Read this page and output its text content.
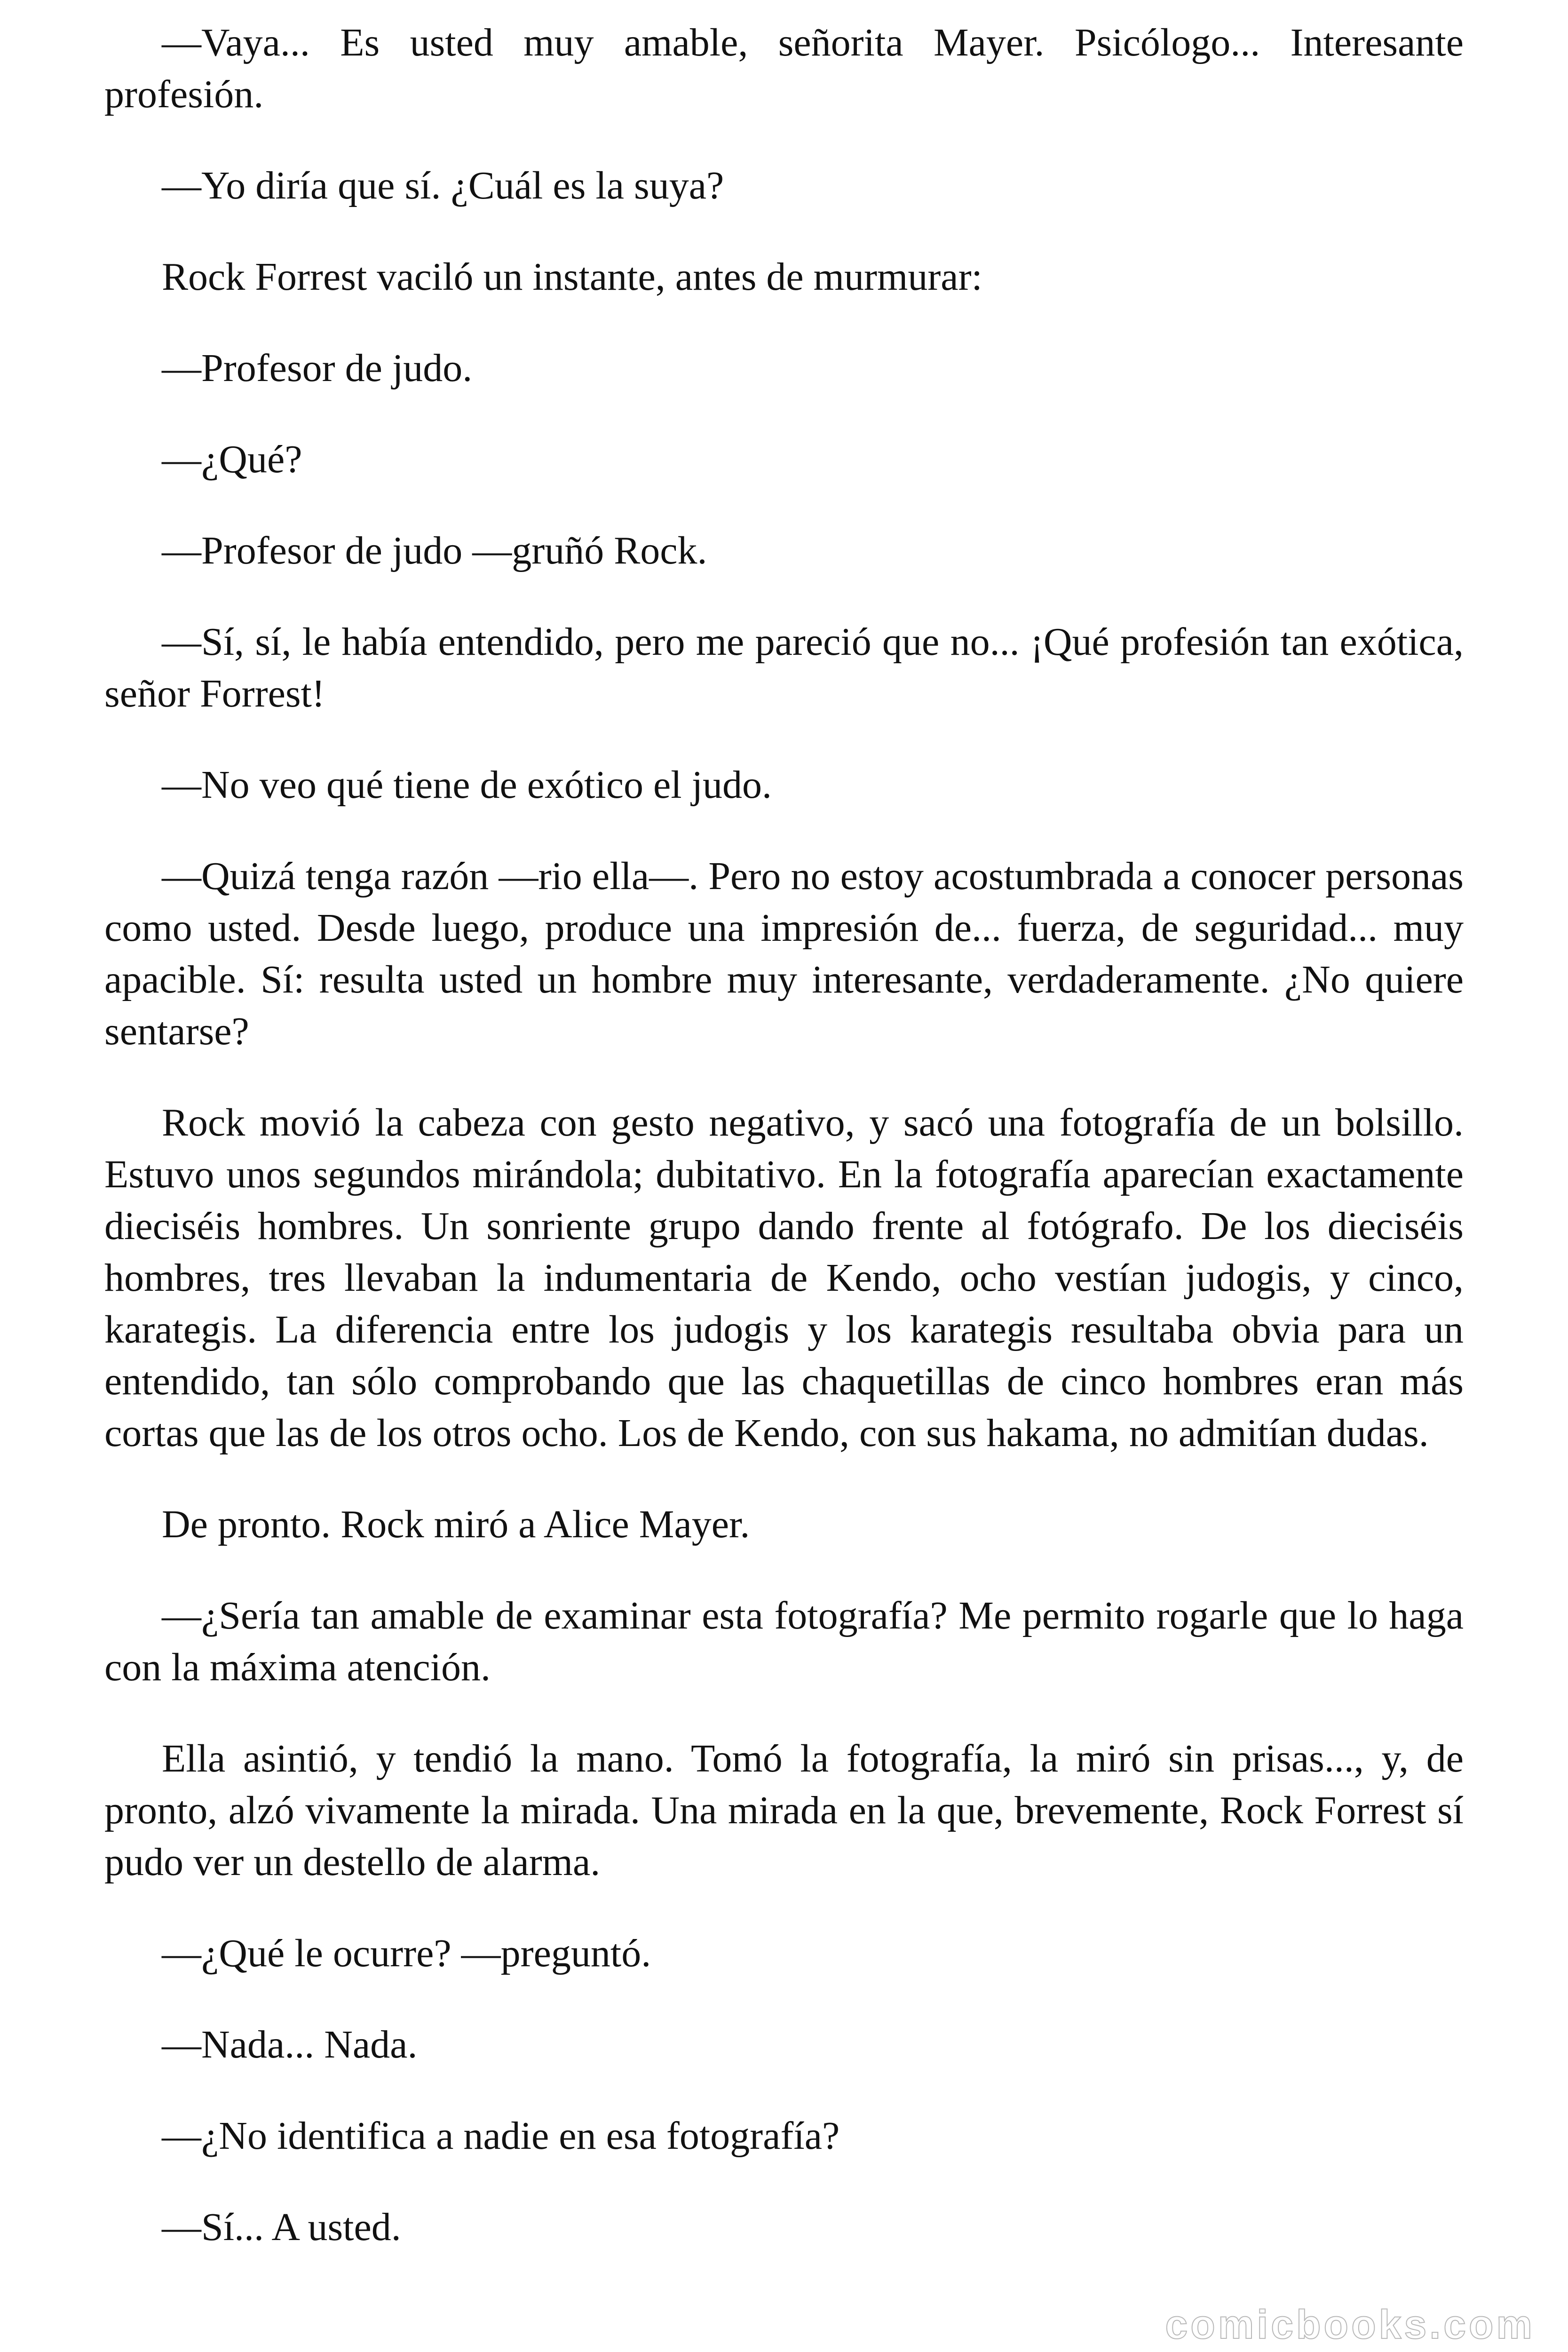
—Vaya... Es usted muy amable, señorita Mayer. Psicólogo... Interesante profesión.

—Yo diría que sí. ¿Cuál es la suya?

Rock Forrest vaciló un instante, antes de murmurar:

—Profesor de judo.

—¿Qué?

—Profesor de judo —gruñó Rock.

—Sí, sí, le había entendido, pero me pareció que no... ¡Qué profesión tan exótica, señor Forrest!

—No veo qué tiene de exótico el judo.

—Quizá tenga razón —rio ella—. Pero no estoy acostumbrada a conocer personas como usted. Desde luego, produce una impresión de... fuerza, de seguridad... muy apacible. Sí: resulta usted un hombre muy interesante, verdaderamente. ¿No quiere sentarse?

Rock movió la cabeza con gesto negativo, y sacó una fotografía de un bolsillo. Estuvo unos segundos mirándola; dubitativo. En la fotografía aparecían exactamente dieciséis hombres. Un sonriente grupo dando frente al fotógrafo. De los dieciséis hombres, tres llevaban la indumentaria de Kendo, ocho vestían judogis, y cinco, karategis. La diferencia entre los judogis y los karategis resultaba obvia para un entendido, tan sólo comprobando que las chaquetillas de cinco hombres eran más cortas que las de los otros ocho. Los de Kendo, con sus hakama, no admitían dudas.

De pronto. Rock miró a Alice Mayer.

—¿Sería tan amable de examinar esta fotografía? Me permito rogarle que lo haga con la máxima atención.

Ella asintió, y tendió la mano. Tomó la fotografía, la miró sin prisas..., y, de pronto, alzó vivamente la mirada. Una mirada en la que, brevemente, Rock Forrest sí pudo ver un destello de alarma.

—¿Qué le ocurre? —preguntó.

—Nada... Nada.

—¿No identifica a nadie en esa fotografía?

—Sí... A usted.

comicbooks.com
